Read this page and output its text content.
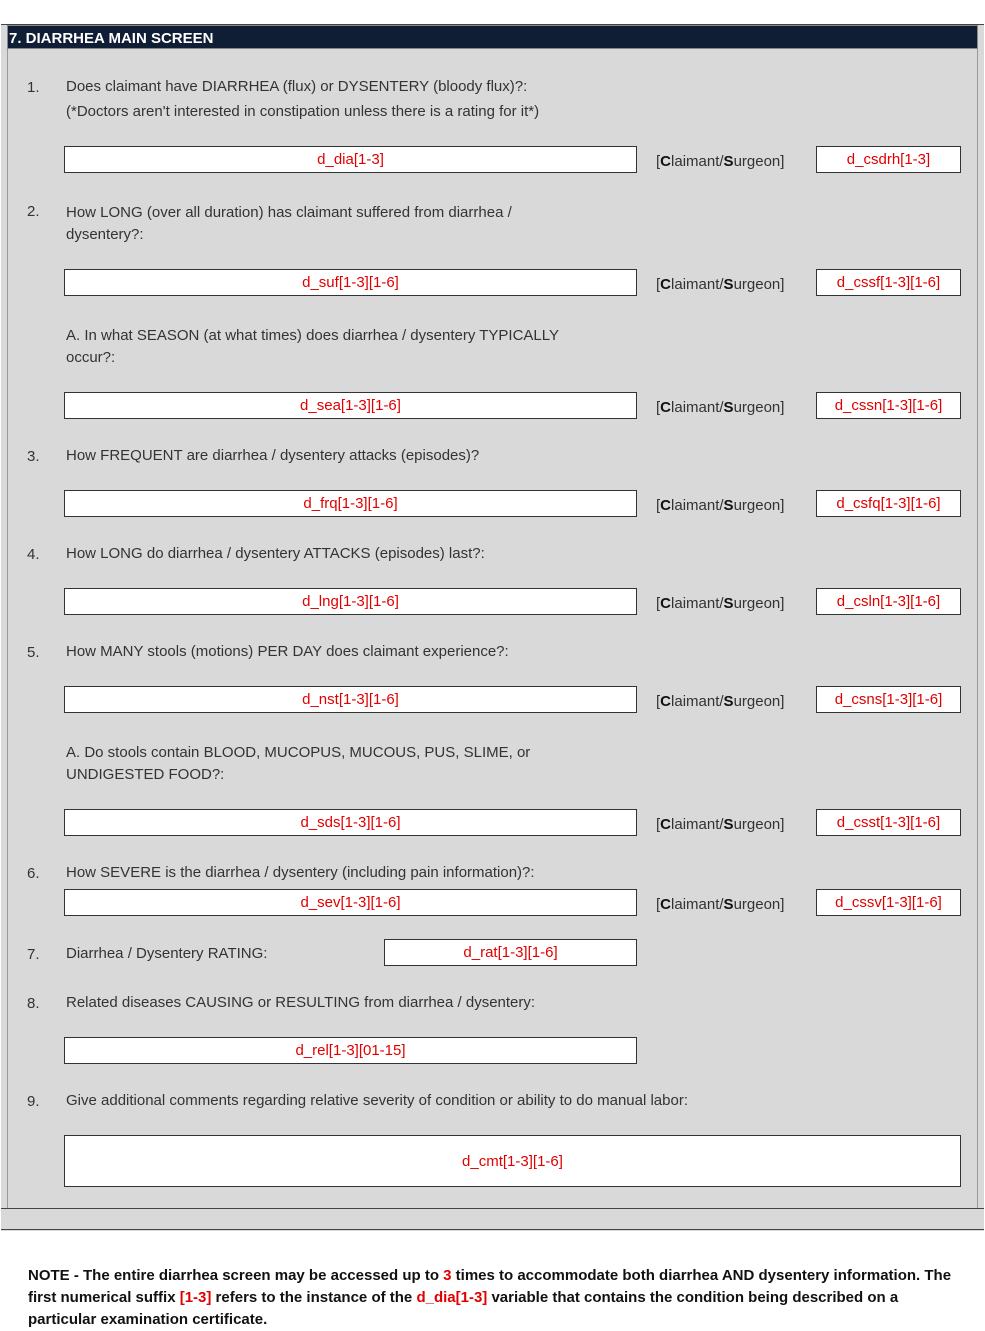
7. DIARRHEA MAIN SCREEN
1. Does claimant have DIARRHEA (flux) or DYSENTERY (bloody flux)?:
(*Doctors aren't interested in constipation unless there is a rating for it*)
d_dia[1-3]	[Claimant/Surgeon]	d_csdrh[1-3]
2. How LONG (over all duration) has claimant suffered from diarrhea /
dysentery?:
d_suf[1-3][1-6]	[Claimant/Surgeon]	d_cssf[1-3][1-6]
A. In what SEASON (at what times) does diarrhea / dysentery TYPICALLY
occur?:
d_sea[1-3][1-6]	[Claimant/Surgeon]	d_cssn[1-3][1-6]
3. How FREQUENT are diarrhea / dysentery attacks (episodes)?
d_frq[1-3][1-6]	[Claimant/Surgeon]	d_csfq[1-3][1-6]
4. How LONG do diarrhea / dysentery ATTACKS (episodes) last?:
d_lng[1-3][1-6]	[Claimant/Surgeon]	d_csln[1-3][1-6]
5. How MANY stools (motions) PER DAY does claimant experience?:
d_nst[1-3][1-6]	[Claimant/Surgeon]	d_csns[1-3][1-6]
A. Do stools contain BLOOD, MUCOPUS, MUCOUS, PUS, SLIME, or
UNDIGESTED FOOD?:
d_sds[1-3][1-6]	[Claimant/Surgeon]	d_csst[1-3][1-6]
6. How SEVERE is the diarrhea / dysentery (including pain information)?:
d_sev[1-3][1-6]	[Claimant/Surgeon]	d_cssv[1-3][1-6]
7. Diarrhea / Dysentery RATING:	d_rat[1-3][1-6]
8. Related diseases CAUSING or RESULTING from diarrhea / dysentery:
d_rel[1-3][01-15]
9. Give additional comments regarding relative severity of condition or ability to do manual labor:
d_cmt[1-3][1-6]
NOTE - The entire diarrhea screen may be accessed up to 3 times to accommodate both diarrhea AND dysentery information. The first numerical suffix [1-3] refers to the instance of the d_dia[1-3] variable that contains the condition being described on a particular examination certificate.
